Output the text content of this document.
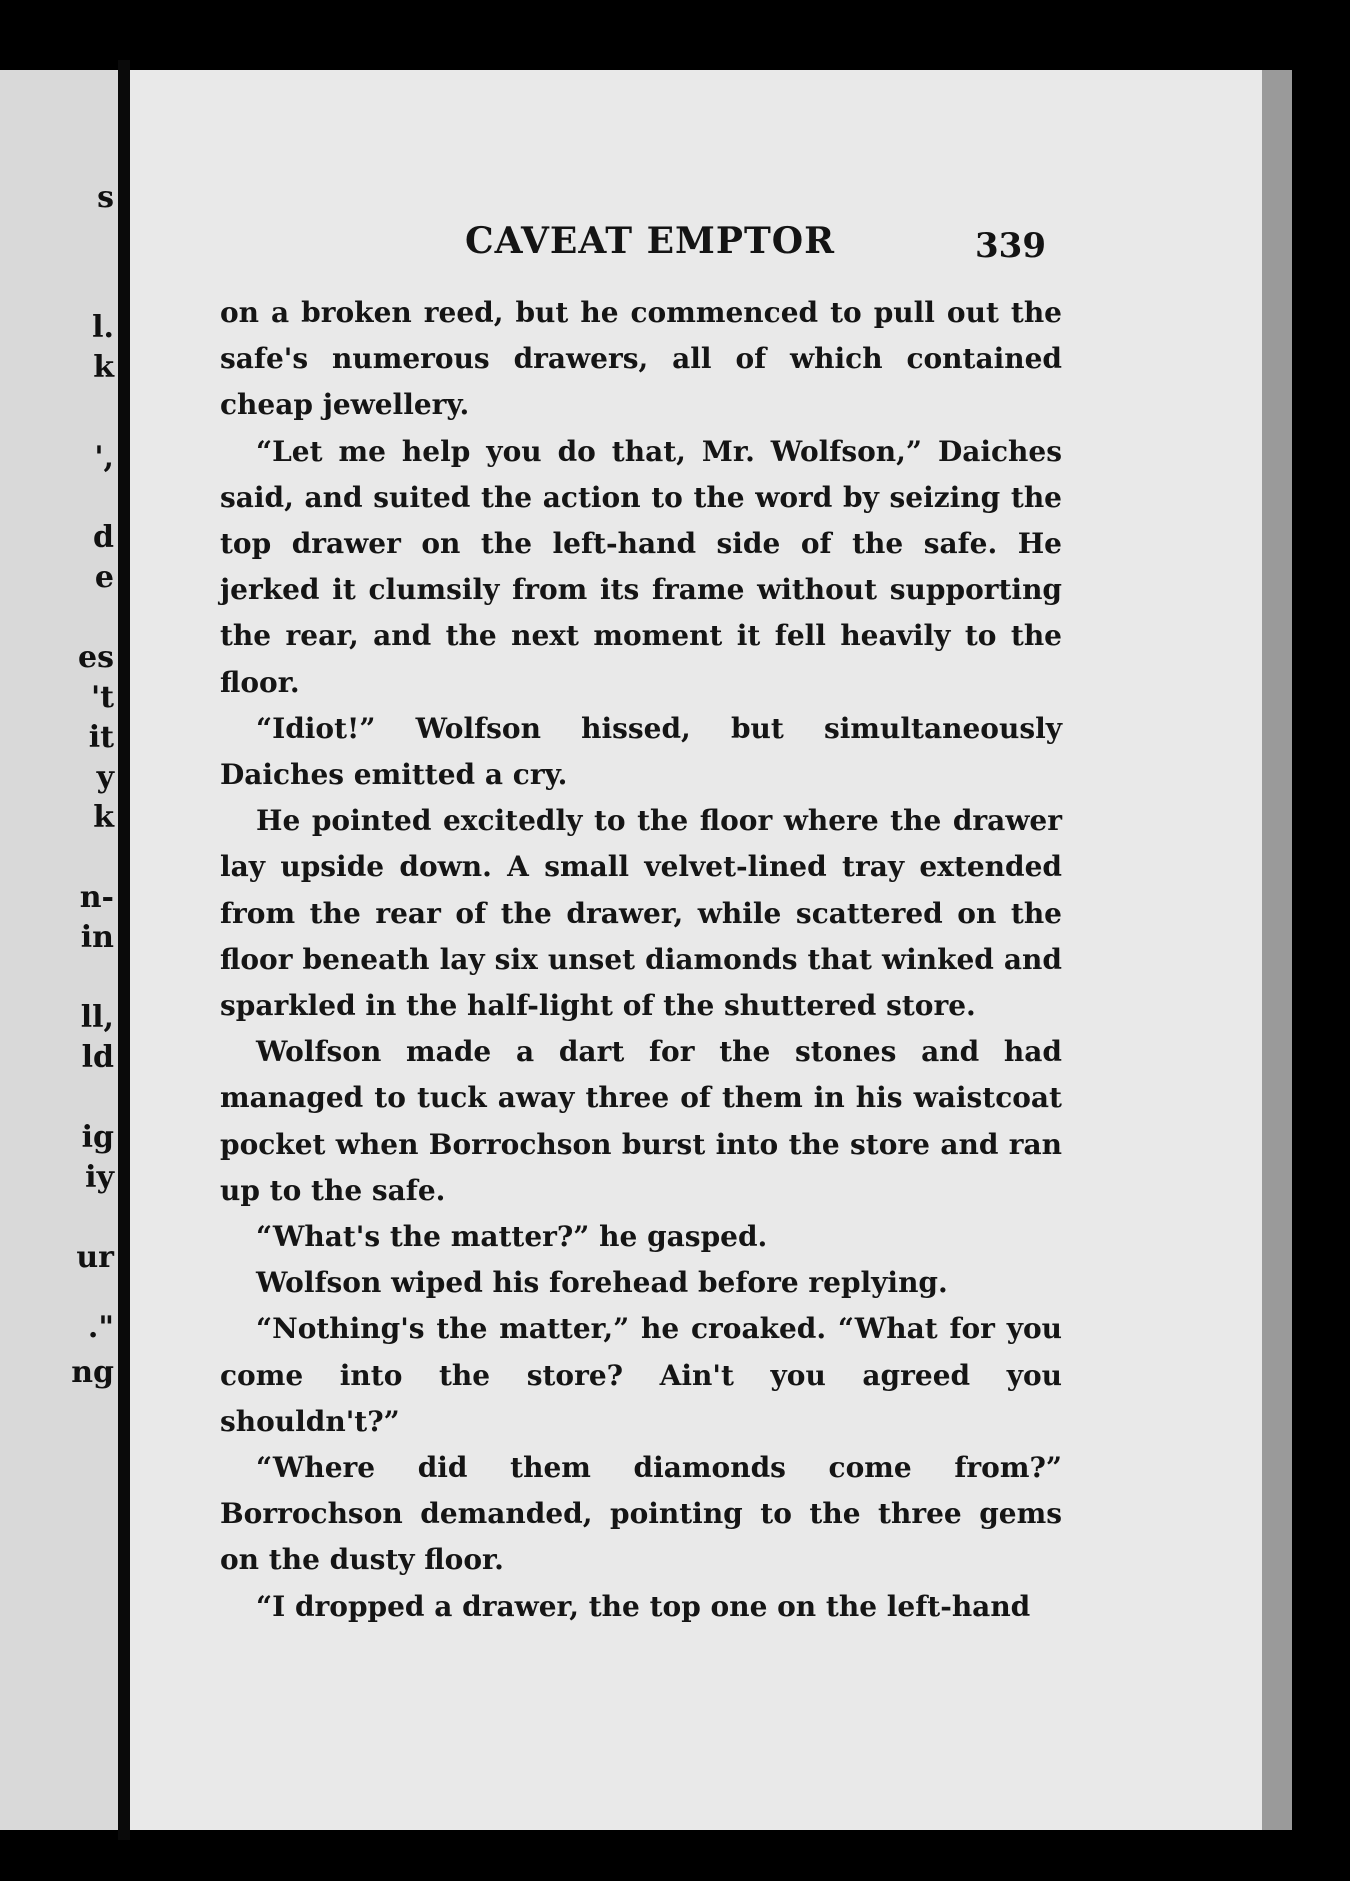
s
l.
k
',
d
e
es
't
it
y
k
n-
in
ll,
ld
ig
iy
ur
."
ng
CAVEAT EMPTOR	339

on a broken reed, but he commenced to pull out the safe's numerous drawers, all of which contained cheap jewellery.

“Let me help you do that, Mr. Wolfson,” Daiches said, and suited the action to the word by seizing the top drawer on the left-hand side of the safe. He jerked it clumsily from its frame without supporting the rear, and the next moment it fell heavily to the floor.

“Idiot!” Wolfson hissed, but simultaneously Daiches emitted a cry.

He pointed excitedly to the floor where the drawer lay upside down. A small velvet-lined tray extended from the rear of the drawer, while scattered on the floor beneath lay six unset diamonds that winked and sparkled in the half-light of the shuttered store.

Wolfson made a dart for the stones and had managed to tuck away three of them in his waistcoat pocket when Borrochson burst into the store and ran up to the safe.

“What's the matter?” he gasped.

Wolfson wiped his forehead before replying.

“Nothing's the matter,” he croaked. “What for you come into the store? Ain't you agreed you shouldn't?”

“Where did them diamonds come from?” Borrochson demanded, pointing to the three gems on the dusty floor.

“I dropped a drawer, the top one on the left-hand
